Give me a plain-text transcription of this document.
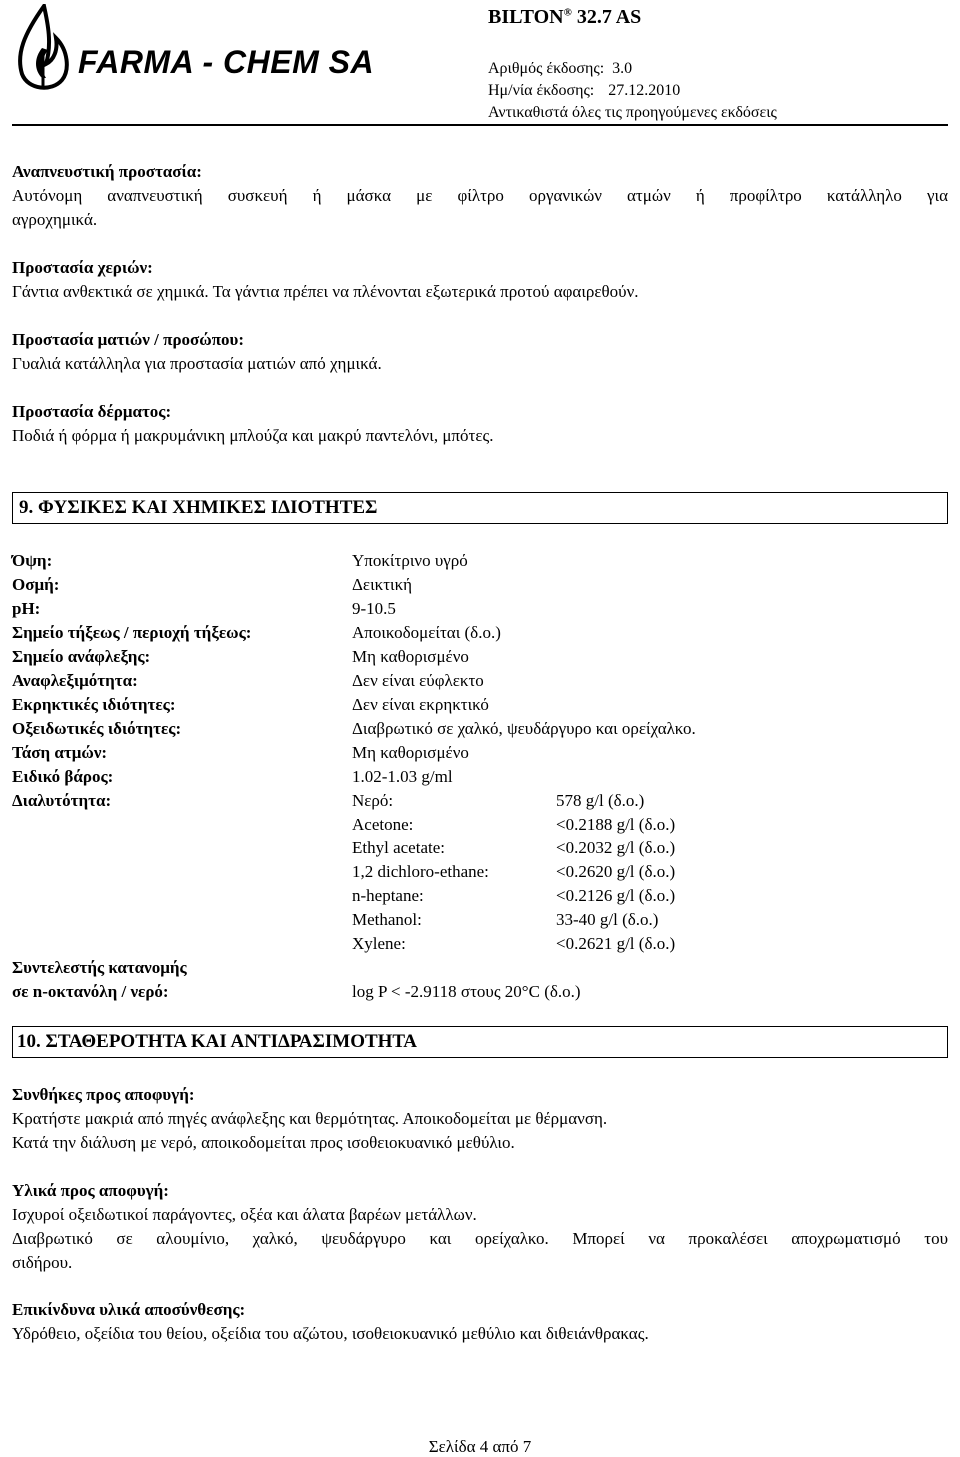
FARMA - CHEM SA
BILTON® 32.7 AS
Αριθμός έκδοσης: 3.0
Ημ/νία έκδοσης: 27.12.2010
Αντικαθιστά όλες τις προηγούμενες εκδόσεις
Αναπνευστική προστασία:
Αυτόνομη αναπνευστική συσκευή ή μάσκα με φίλτρο οργανικών ατμών ή προφίλτρο κατάλληλο για
αγροχημικά.
Προστασία χεριών:
Γάντια ανθεκτικά σε χημικά. Τα γάντια πρέπει να πλένονται εξωτερικά προτού αφαιρεθούν.
Προστασία ματιών / προσώπου:
Γυαλιά κατάλληλα για προστασία ματιών από χημικά.
Προστασία δέρματος:
Ποδιά ή φόρμα ή μακρυμάνικη μπλούζα και μακρύ παντελόνι, μπότες.
9. ΦΥΣΙΚΕΣ ΚΑΙ ΧΗΜΙΚΕΣ ΙΔΙΟΤΗΤΕΣ
Όψη:	Υποκίτρινο υγρό
Οσμή:	Δεικτική
pH:	9-10.5
Σημείο τήξεως / περιοχή τήξεως:	Αποικοδομείται (δ.ο.)
Σημείο ανάφλεξης:	Μη καθορισμένο
Αναφλεξιμότητα:	Δεν είναι εύφλεκτο
Εκρηκτικές ιδιότητες:	Δεν είναι εκρηκτικό
Οξειδωτικές ιδιότητες:	Διαβρωτικό σε χαλκό, ψευδάργυρο και ορείχαλκο.
Τάση ατμών:	Μη καθορισμένο
Ειδικό βάρος:	1.02-1.03 g/ml
Διαλυτότητα:	Νερό:	578 g/l (δ.ο.)
Acetone:	<0.2188 g/l (δ.ο.)
Ethyl acetate:	<0.2032 g/l (δ.ο.)
1,2 dichloro-ethane:	<0.2620 g/l (δ.ο.)
n-heptane:	<0.2126 g/l (δ.ο.)
Methanol:	33-40 g/l (δ.ο.)
Xylene:	<0.2621 g/l (δ.ο.)
Συντελεστής κατανομής
σε n-οκτανόλη / νερό:	log P < -2.9118 στους 20°C (δ.ο.)
10. ΣΤΑΘΕΡΟΤΗΤΑ ΚΑΙ ΑΝΤΙΔΡΑΣΙΜΟΤΗΤΑ
Συνθήκες προς αποφυγή:
Κρατήστε μακριά από πηγές ανάφλεξης και θερμότητας. Αποικοδομείται με θέρμανση.
Κατά την διάλυση με νερό, αποικοδομείται προς ισοθειοκυανικό μεθύλιο.
Υλικά προς αποφυγή:
Ισχυροί οξειδωτικοί παράγοντες, οξέα και άλατα βαρέων μετάλλων.
Διαβρωτικό σε αλουμίνιο, χαλκό, ψευδάργυρο και ορείχαλκο. Μπορεί να προκαλέσει αποχρωματισμό του
σιδήρου.
Επικίνδυνα υλικά αποσύνθεσης:
Υδρόθειο, οξείδια του θείου, οξείδια του αζώτου, ισοθειοκυανικό μεθύλιο και διθειάνθρακας.
Σελίδα 4 από 7
